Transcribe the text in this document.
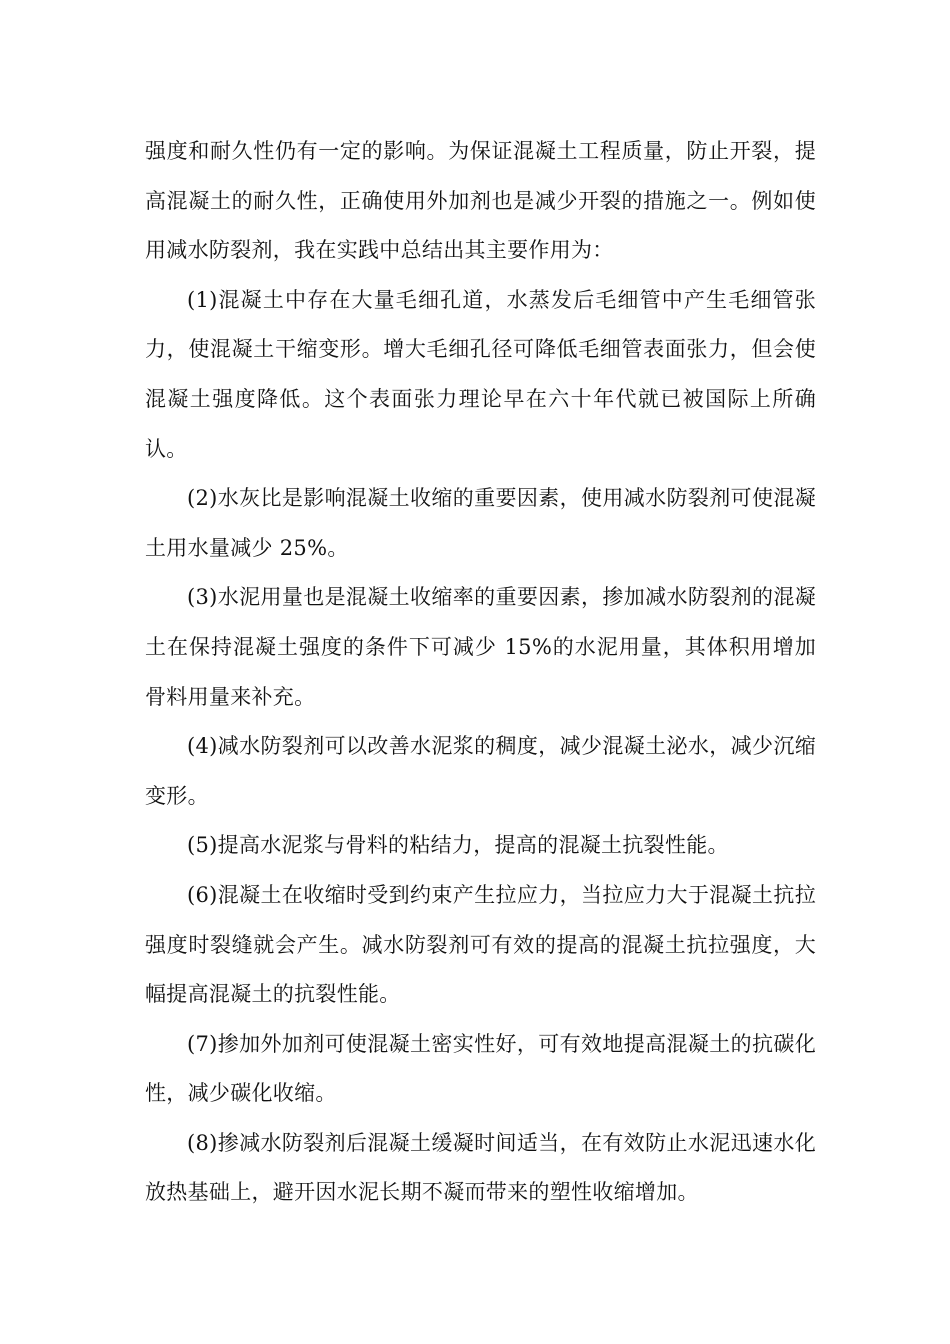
强度和耐久性仍有一定的影响。为保证混凝土工程质量，防止开裂，提高混凝土的耐久性，正确使用外加剂也是减少开裂的措施之一。例如使用减水防裂剂，我在实践中总结出其主要作用为：

(1)混凝土中存在大量毛细孔道，水蒸发后毛细管中产生毛细管张力，使混凝土干缩变形。增大毛细孔径可降低毛细管表面张力，但会使混凝土强度降低。这个表面张力理论早在六十年代就已被国际上所确认。

(2)水灰比是影响混凝土收缩的重要因素，使用减水防裂剂可使混凝土用水量减少 25%。

(3)水泥用量也是混凝土收缩率的重要因素，掺加减水防裂剂的混凝土在保持混凝土强度的条件下可减少 15%的水泥用量，其体积用增加骨料用量来补充。

(4)减水防裂剂可以改善水泥浆的稠度，减少混凝土泌水，减少沉缩变形。

(5)提高水泥浆与骨料的粘结力，提高的混凝土抗裂性能。

(6)混凝土在收缩时受到约束产生拉应力，当拉应力大于混凝土抗拉强度时裂缝就会产生。减水防裂剂可有效的提高的混凝土抗拉强度，大幅提高混凝土的抗裂性能。

(7)掺加外加剂可使混凝土密实性好，可有效地提高混凝土的抗碳化性，减少碳化收缩。

(8)掺减水防裂剂后混凝土缓凝时间适当，在有效防止水泥迅速水化放热基础上，避开因水泥长期不凝而带来的塑性收缩增加。
